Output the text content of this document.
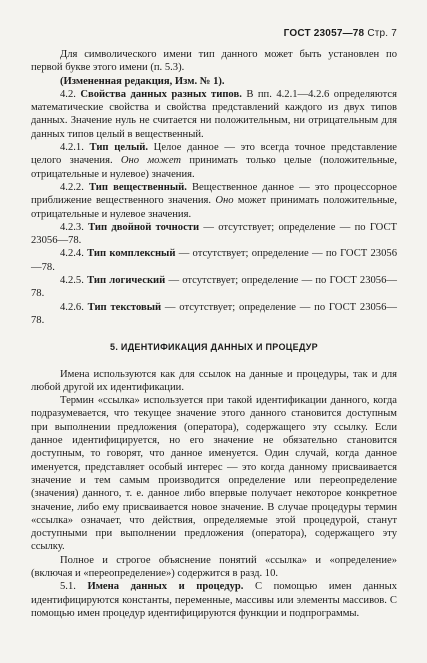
ГОСТ 23057—78 Стр. 7

Для символического имени тип данного может быть установлен по первой букве этого имени (п. 5.3).

(Измененная редакция, Изм. № 1).

4.2. Свойства данных разных типов. В пп. 4.2.1—4.2.6 определяются математические свойства и свойства представлений каждого из двух типов данных. Значение нуль не считается ни положительным, ни отрицательным для данных типов целый в вещественный.

4.2.1. Тип целый. Целое данное — это всегда точное представление целого значения. Оно может принимать только целые (положительные, отрицательные и нулевое) значения.

4.2.2. Тип вещественный. Вещественное данное — это процессорное приближение вещественного значения. Оно может принимать положительные, отрицательные и нулевое значения.

4.2.3. Тип двойной точности — отсутствует; определение — по ГОСТ 23056—78.

4.2.4. Тип комплексный — отсутствует; определение — по ГОСТ 23056—78.

4.2.5. Тип логический — отсутствует; определение — по ГОСТ 23056—78.

4.2.6. Тип текстовый — отсутствует; определение — по ГОСТ 23056—78.

5. ИДЕНТИФИКАЦИЯ ДАННЫХ И ПРОЦЕДУР

Имена используются как для ссылок на данные и процедуры, так и для любой другой их идентификации.

Термин «ссылка» используется при такой идентификации данного, когда подразумевается, что текущее значение этого данного становится доступным при выполнении предложения (оператора), содержащего эту ссылку. Если данное идентифицируется, но его значение не обязательно становится доступным, то говорят, что данное именуется. Один случай, когда данное именуется, представляет особый интерес — это когда данному присваивается значение и тем самым производится определение или переопределение (значения) данного, т. е. данное либо впервые получает некоторое конкретное значение, либо ему присваивается новое значение. В случае процедуры термин «ссылка» означает, что действия, определяемые этой процедурой, станут доступными при выполнении предложения (оператора), содержащего эту ссылку.

Полное и строгое объяснение понятий «ссылка» и «определение» (включая и «переопределение») содержится в разд. 10.

5.1. Имена данных и процедур. С помощью имен данных идентифицируются константы, переменные, массивы или элементы массивов. С помощью имен процедур идентифицируются функции и подпрограммы.
